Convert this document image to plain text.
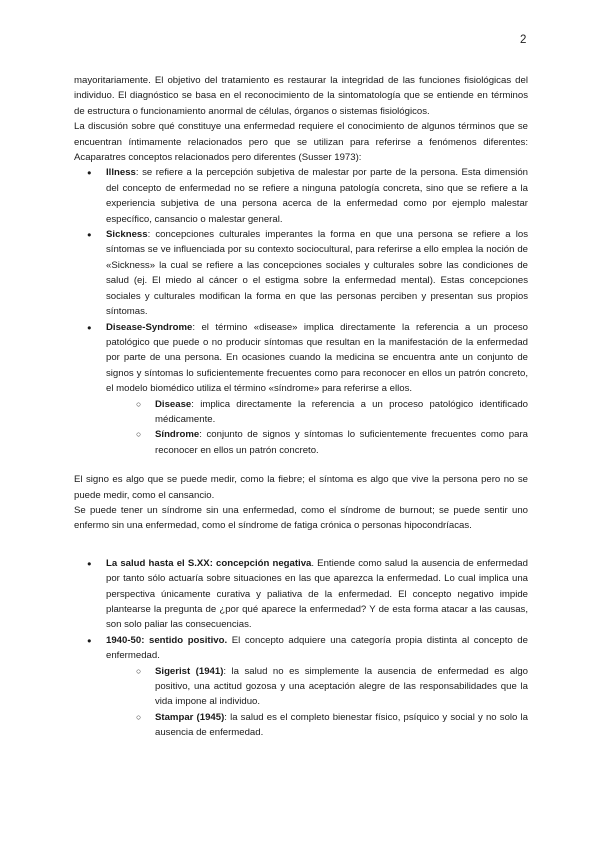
2

mayoritariamente. El objetivo del tratamiento es restaurar la integridad de las funciones fisiológicas del individuo. El diagnóstico se basa en el reconocimiento de la sintomatología que se entiende en términos de estructura o funcionamiento anormal de células, órganos o sistemas fisiológicos.

La discusión sobre qué constituye una enfermedad requiere el conocimiento de algunos términos que se encuentran íntimamente relacionados pero que se utilizan para referirse a fenómenos diferentes: Acaparatres conceptos relacionados pero diferentes (Susser 1973):

● Illness: se refiere a la percepción subjetiva de malestar por parte de la persona. Esta dimensión del concepto de enfermedad no se refiere a ninguna patología concreta, sino que se refiere a la experiencia subjetiva de una persona acerca de la enfermedad como por ejemplo malestar específico, cansancio o malestar general.
● Sickness: concepciones culturales imperantes la forma en que una persona se refiere a los síntomas se ve influenciada por su contexto sociocultural, para referirse a ello emplea la noción de «Sickness» la cual se refiere a las concepciones sociales y culturales sobre las condiciones de salud (ej. El miedo al cáncer o el estigma sobre la enfermedad mental). Estas concepciones sociales y culturales modifican la forma en que las personas perciben y presentan sus propios síntomas.
● Disease-Syndrome: el término «disease» implica directamente la referencia a un proceso patológico que puede o no producir síntomas que resultan en la manifestación de la enfermedad por parte de una persona. En ocasiones cuando la medicina se encuentra ante un conjunto de signos y síntomas lo suficientemente frecuentes como para reconocer en ellos un patrón concreto, el modelo biomédico utiliza el término «síndrome» para referirse a ellos.
○ Disease: implica directamente la referencia a un proceso patológico identificado médicamente.
○ Síndrome: conjunto de signos y síntomas lo suficientemente frecuentes como para reconocer en ellos un patrón concreto.

El signo es algo que se puede medir, como la fiebre; el síntoma es algo que vive la persona pero no se puede medir, como el cansancio.

Se puede tener un síndrome sin una enfermedad, como el síndrome de burnout; se puede sentir uno enfermo sin una enfermedad, como el síndrome de fatiga crónica o personas hipocondríacas.

● La salud hasta el S.XX: concepción negativa. Entiende como salud la ausencia de enfermedad por tanto sólo actuaría sobre situaciones en las que aparezca la enfermedad. Lo cual implica una perspectiva únicamente curativa y paliativa de la enfermedad. El concepto negativo impide plantearse la pregunta de ¿por qué aparece la enfermedad? Y de esta forma atacar a las causas, son solo paliar las consecuencias.
● 1940-50: sentido positivo. El concepto adquiere una categoría propia distinta al concepto de enfermedad.
○ Sigerist (1941): la salud no es simplemente la ausencia de enfermedad es algo positivo, una actitud gozosa y una aceptación alegre de las responsabilidades que la vida impone al individuo.
○ Stampar (1945): la salud es el completo bienestar físico, psíquico y social y no solo la ausencia de enfermedad.
